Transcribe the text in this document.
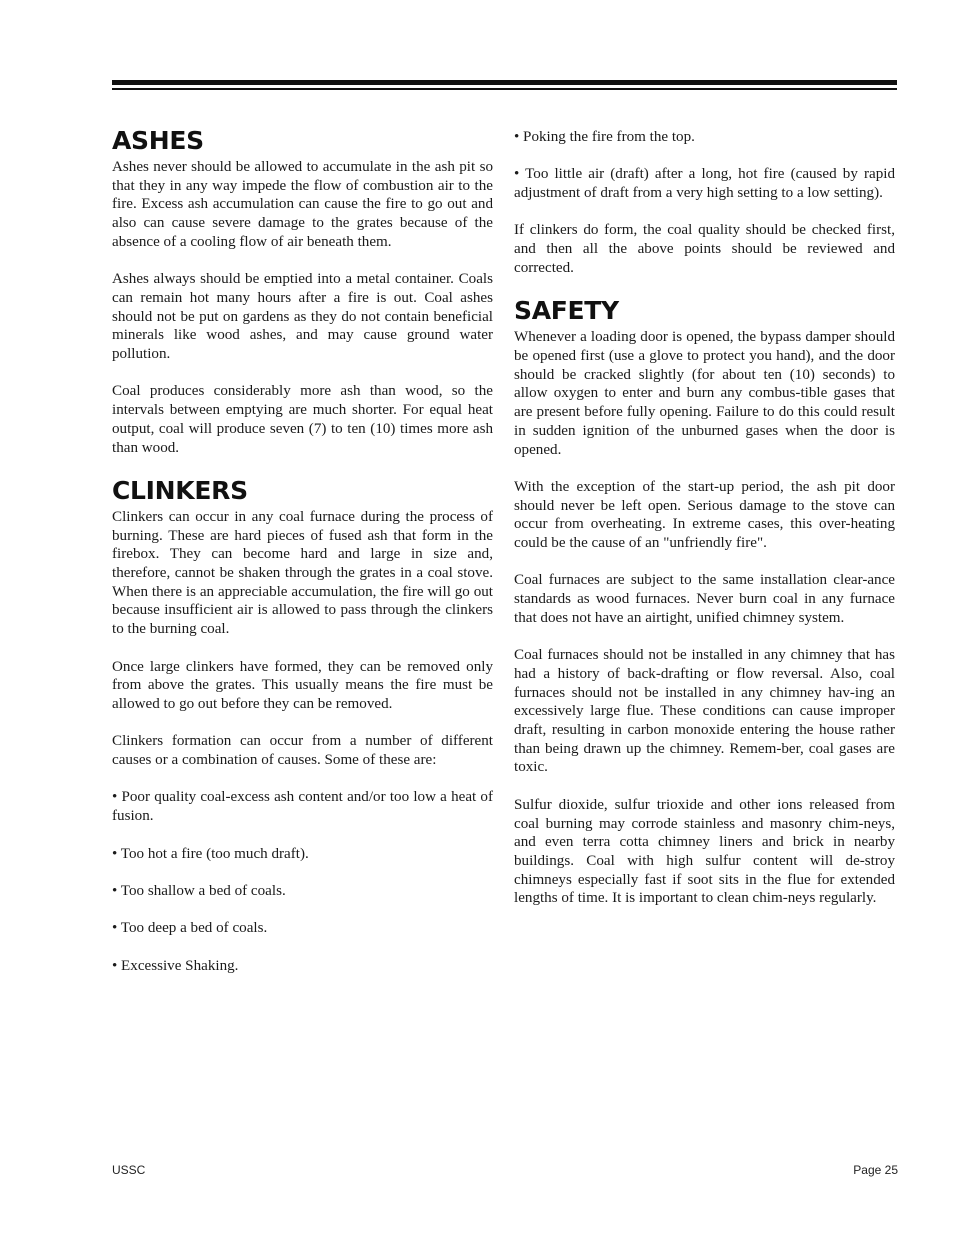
ASHES

Ashes never should be allowed to accumulate in the ash pit so that they in any way impede the flow of combustion air to the fire. Excess ash accumulation can cause the fire to go out and also can cause severe damage to the grates because of the absence of a cooling flow of air beneath them.

Ashes always should be emptied into a metal container. Coals can remain hot many hours after a fire is out. Coal ashes should not be put on gardens as they do not contain beneficial minerals like wood ashes, and may cause ground water pollution.

Coal produces considerably more ash than wood, so the intervals between emptying are much shorter. For equal heat output, coal will produce seven (7) to ten (10) times more ash than wood.

CLINKERS

Clinkers can occur in any coal furnace during the process of burning. These are hard pieces of fused ash that form in the firebox. They can become hard and large in size and, therefore, cannot be shaken through the grates in a coal stove. When there is an appreciable accumulation, the fire will go out because insufficient air is allowed to pass through the clinkers to the burning coal.

Once large clinkers have formed, they can be removed only from above the grates. This usually means the fire must be allowed to go out before they can be removed.

Clinkers formation can occur from a number of different causes or a combination of causes. Some of these are:

• Poor quality coal-excess ash content and/or too low a heat of fusion.

• Too hot a fire (too much draft).

• Too shallow a bed of coals.

• Too deep a bed of coals.

• Excessive Shaking.

• Poking the fire from the top.

• Too little air (draft) after a long, hot fire (caused by rapid adjustment of draft from a very high setting to a low setting).

If clinkers do form, the coal quality should be checked first, and then all the above points should be reviewed and corrected.

SAFETY

Whenever a loading door is opened, the bypass damper should be opened first (use a glove to protect you hand), and the door should be cracked slightly (for about ten (10) seconds) to allow oxygen to enter and burn any combus-tible gases that are present before fully opening. Failure to do this could result in sudden ignition of the unburned gases when the door is opened.

With the exception of the start-up period, the ash pit door should never be left open. Serious damage to the stove can occur from overheating. In extreme cases, this over-heating could be the cause of an "unfriendly fire".

Coal furnaces are subject to the same installation clear-ance standards as wood furnaces. Never burn coal in any furnace that does not have an airtight, unified chimney system.

Coal furnaces should not be installed in any chimney that has had a history of back-drafting or flow reversal. Also, coal furnaces should not be installed in any chimney hav-ing an excessively large flue. These conditions can cause improper draft, resulting in carbon monoxide entering the house rather than being drawn up the chimney. Remem-ber, coal gases are toxic.

Sulfur dioxide, sulfur trioxide and other ions released from coal burning may corrode stainless and masonry chim-neys, and even terra cotta chimney liners and brick in nearby buildings. Coal with high sulfur content will de-stroy chimneys especially fast if soot sits in the flue for extended lengths of time. It is important to clean chim-neys regularly.

USSC	Page 25
